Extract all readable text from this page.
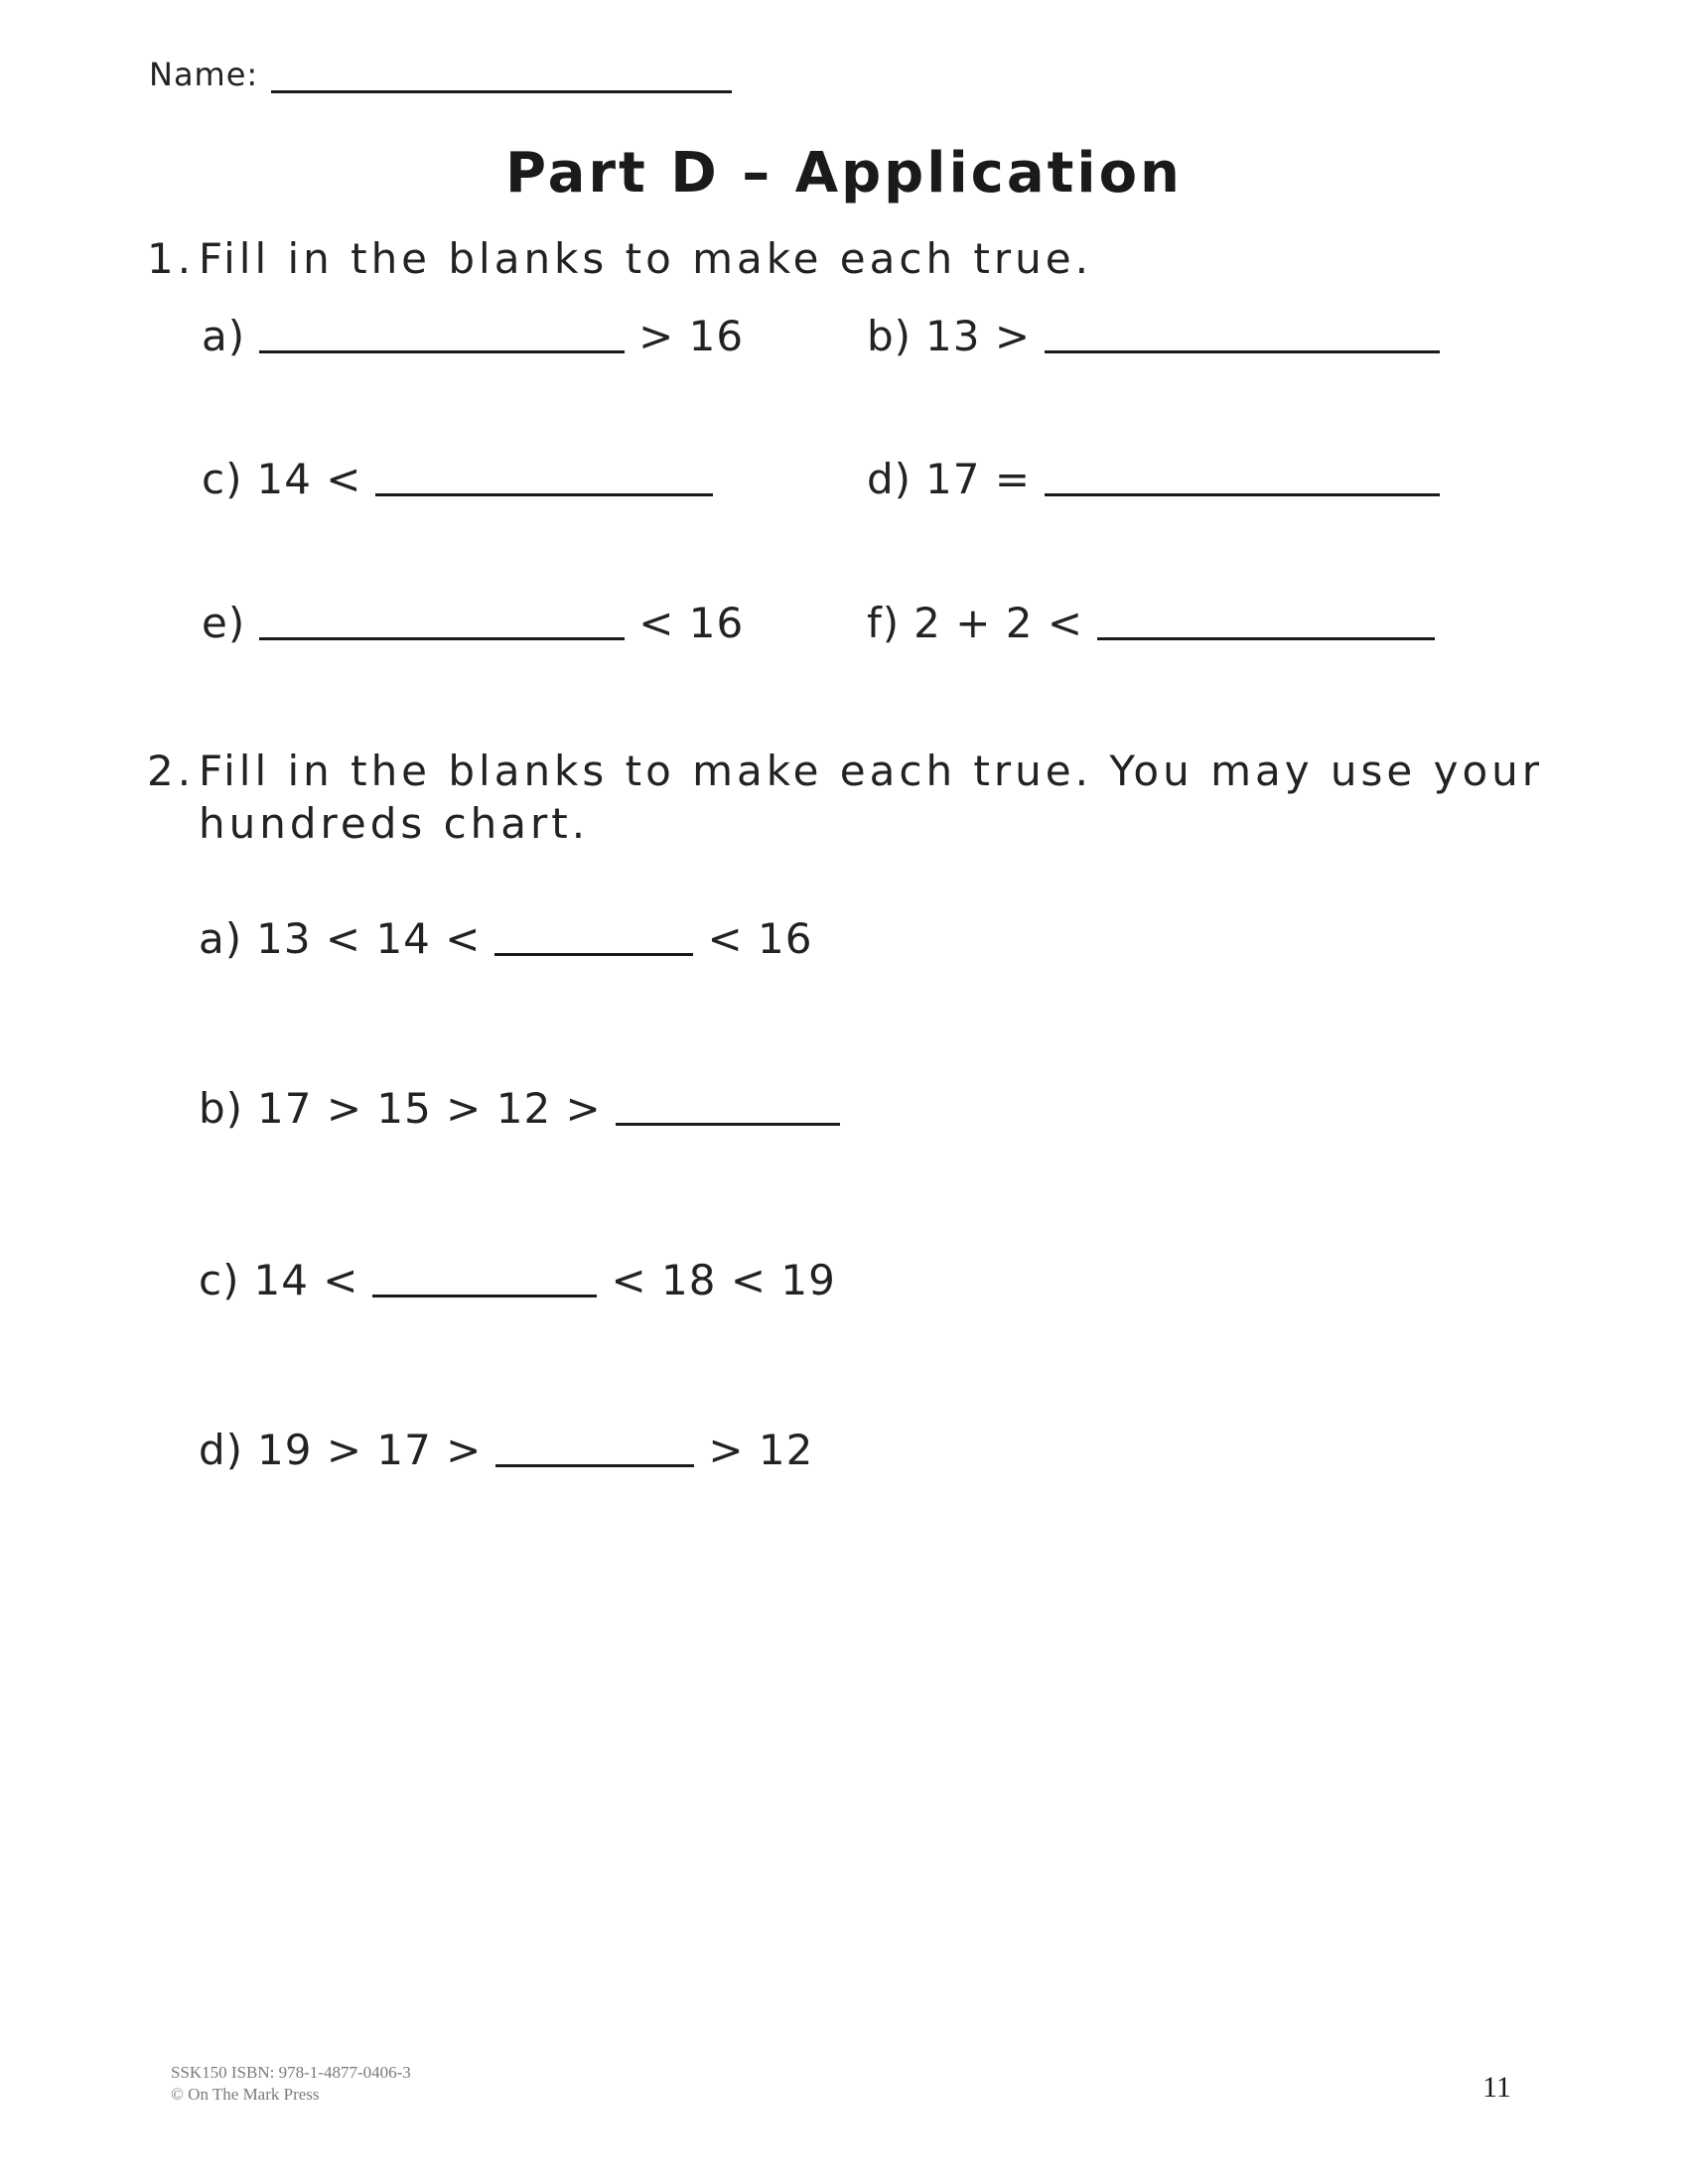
Name:
Part D – Application
1. Fill in the blanks to make each true.
a)	> 16	b) 13 >
c) 14 <	d) 17 =
e)	< 16	f) 2 + 2 <
2. Fill in the blanks to make each true. You may use your
hundreds chart.
a) 13 < 14 <	< 16
b) 17 > 15 > 12 >
c) 14 <	< 18 < 19
d) 19 > 17 >	> 12
SSK150 ISBN: 978-1-4877-0406-3
© On The Mark Press	11
